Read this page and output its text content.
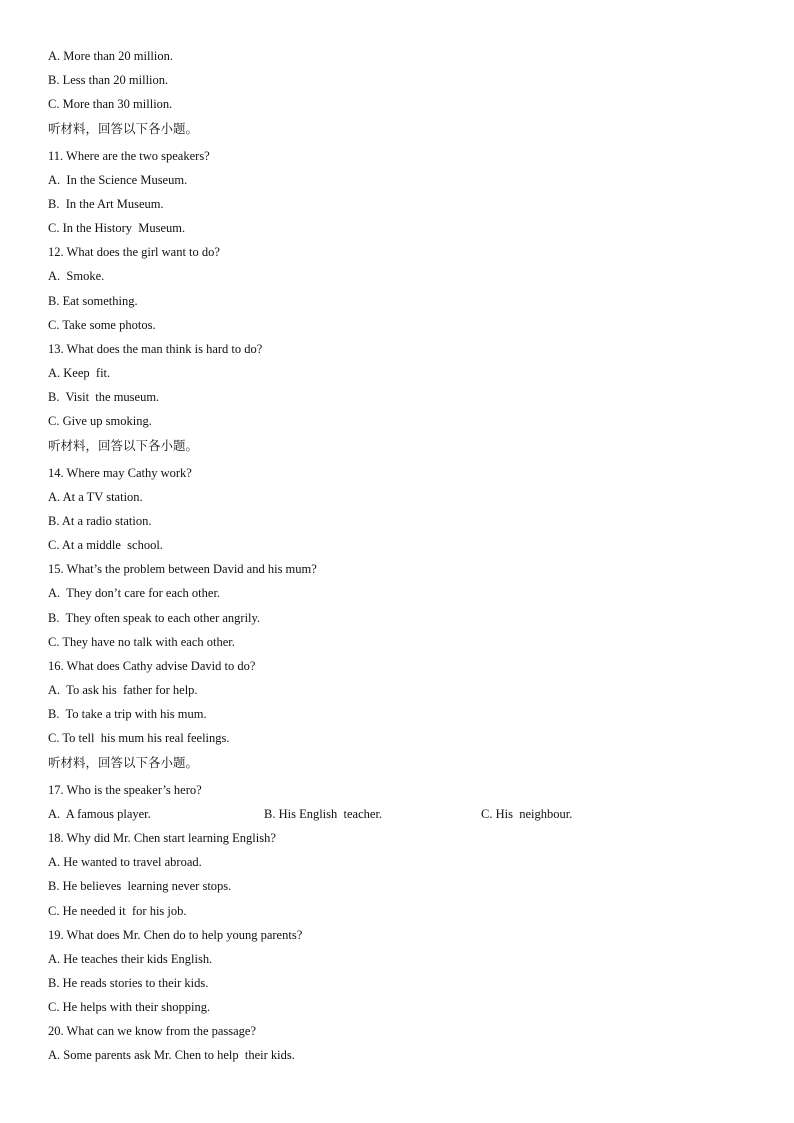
A. More than 20 million.
B. Less than 20 million.
C. More than 30 million.
听材料，回答以下各小题。
11. Where are the two speakers?
A.  In the Science Museum.
B.  In the Art Museum.
C. In the History  Museum.
12. What does the girl want to do?
A.  Smoke.
B. Eat something.
C. Take some photos.
13. What does the man think is hard to do?
A. Keep  fit.
B.  Visit  the museum.
C. Give up smoking.
听材料，回答以下各小题。
14. Where may Cathy work?
A. At a TV station.
B. At a radio station.
C. At a middle  school.
15. What’s the problem between David and his mum?
A.  They don’t care for each other.
B.  They often speak to each other angrily.
C. They have no talk with each other.
16. What does Cathy advise David to do?
A.  To ask his  father for help.
B.  To take a trip with his mum.
C. To tell  his mum his real feelings.
听材料，回答以下各小题。
17. Who is the speaker’s hero?
A.  A famous player.	B. His English  teacher.	C. His  neighbour.
18. Why did Mr. Chen start learning English?
A. He wanted to travel abroad.
B. He believes  learning never stops.
C. He needed it  for his job.
19. What does Mr. Chen do to help young parents?
A. He teaches their kids English.
B. He reads stories to their kids.
C. He helps with their shopping.
20. What can we know from the passage?
A. Some parents ask Mr. Chen to help  their kids.
